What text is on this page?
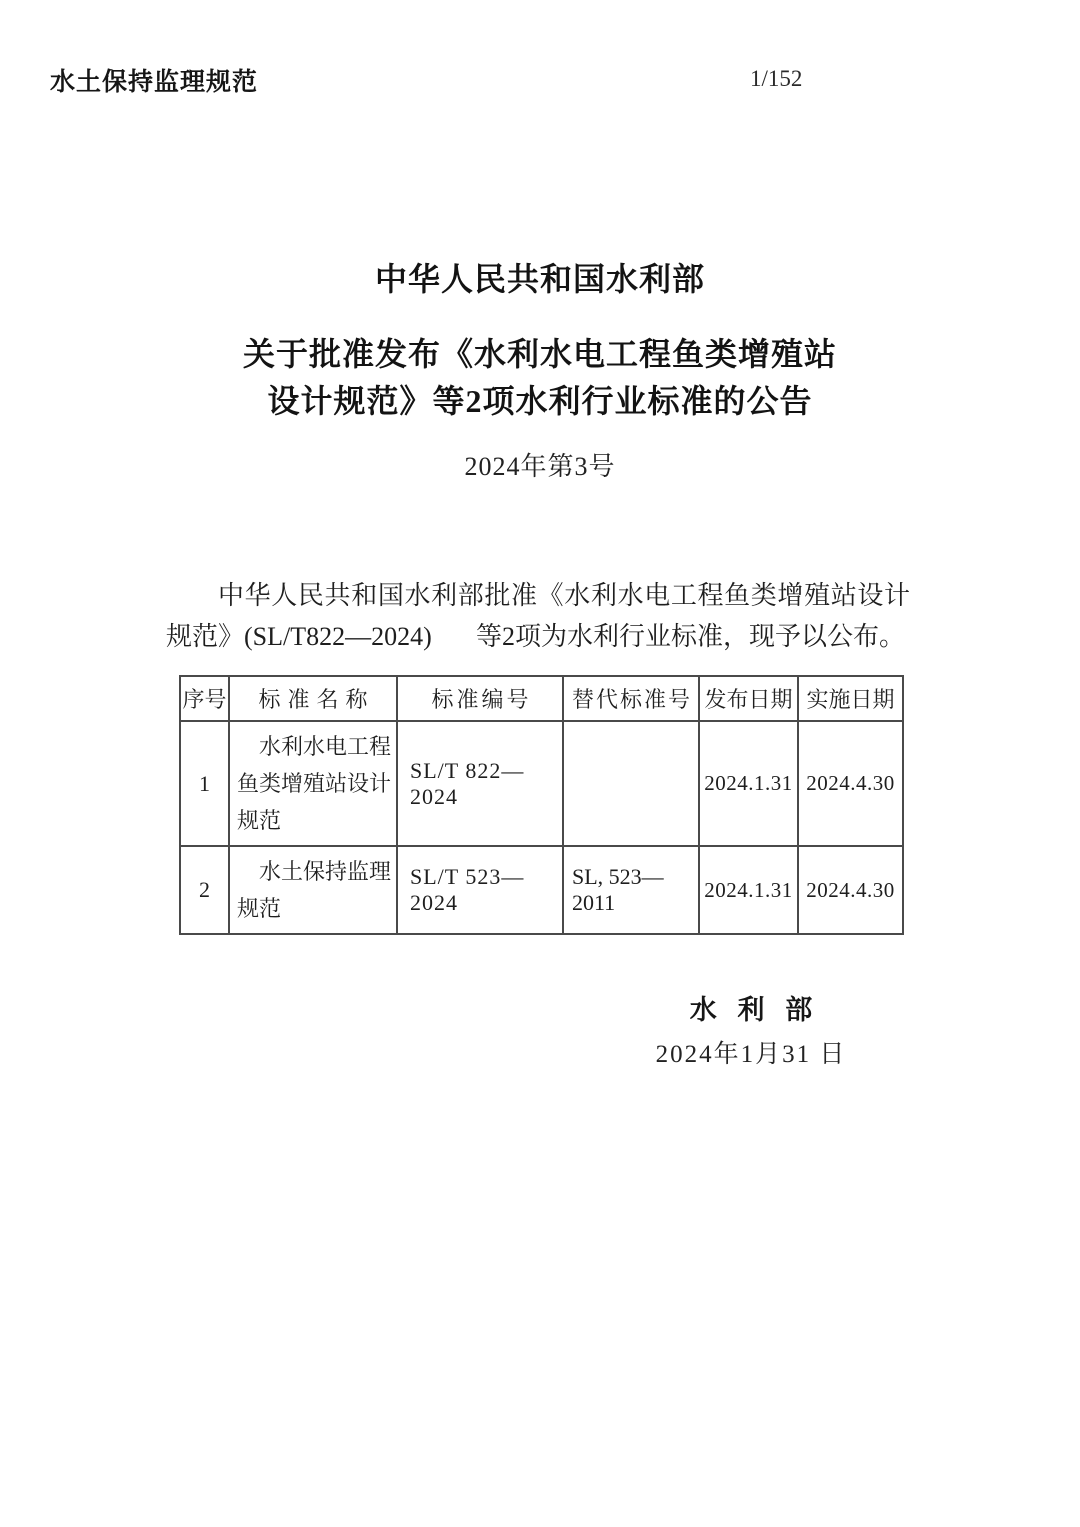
水土保持监理规范	1/152
中华人民共和国水利部
关于批准发布《水利水电工程鱼类增殖站
设计规范》等2项水利行业标准的公告
2024年第3号

中华人民共和国水利部批准《水利水电工程鱼类增殖站设计规范》(SL/T822—2024) 等2项为水利行业标准，现予以公布。

序号	标准名称	标准编号	替代标准号	发布日期	实施日期
1	水利水电工程鱼类增殖站设计规范	SL/T 822—2024		2024.1.31	2024.4.30
2	水土保持监理规范	SL/T 523—2024	SL, 523—2011	2024.1.31	2024.4.30
水 利 部
2024年1月31 日
